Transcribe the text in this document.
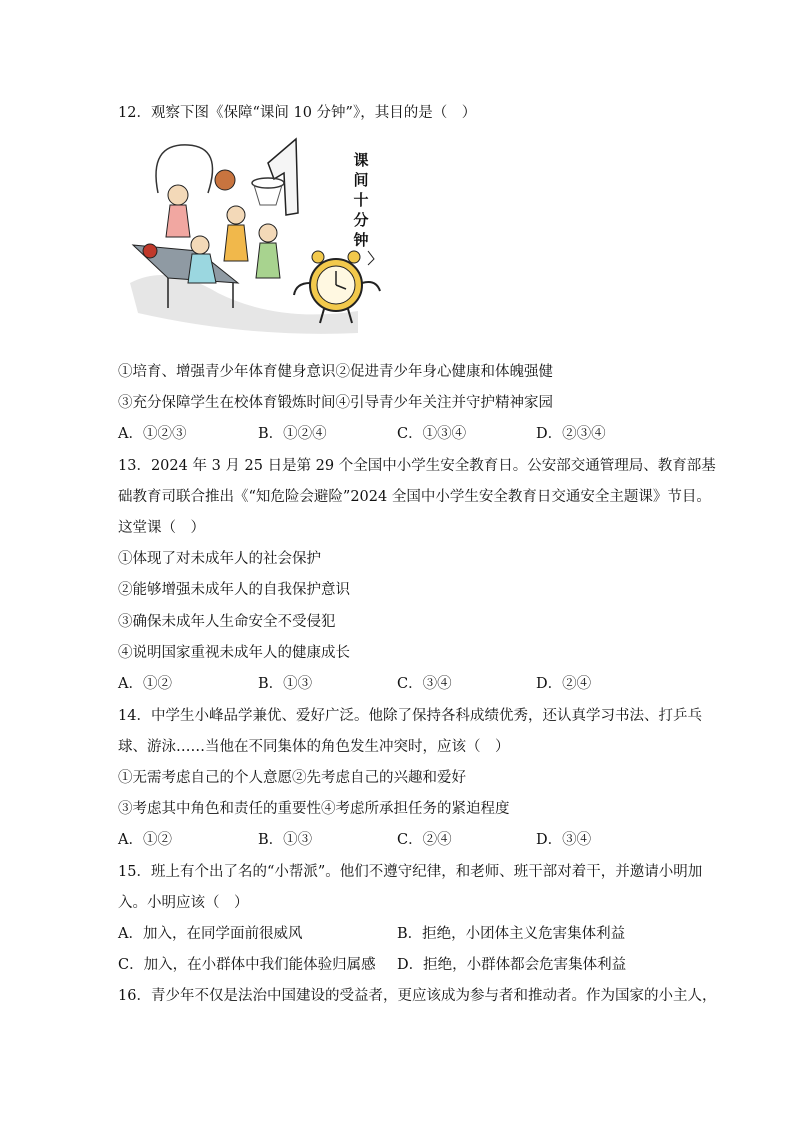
12．观察下图《保障“课间 10 分钟”》，其目的是（　）
课
间
十
分
钟
①培育、增强青少年体育健身意识②促进青少年身心健康和体魄强健
③充分保障学生在校体育锻炼时间④引导青少年关注并守护精神家园
A．①②③	B．①②④	C．①③④	D．②③④
13．2024 年 3 月 25 日是第 29 个全国中小学生安全教育日。公安部交通管理局、教育部基
础教育司联合推出《“知危险会避险”2024 全国中小学生安全教育日交通安全主题课》节目。
这堂课（　）
①体现了对未成年人的社会保护
②能够增强未成年人的自我保护意识
③确保未成年人生命安全不受侵犯
④说明国家重视未成年人的健康成长
A．①②	B．①③	C．③④	D．②④
14．中学生小峰品学兼优、爱好广泛。他除了保持各科成绩优秀，还认真学习书法、打乒乓
球、游泳……当他在不同集体的角色发生冲突时，应该（　）
①无需考虑自己的个人意愿②先考虑自己的兴趣和爱好
③考虑其中角色和责任的重要性④考虑所承担任务的紧迫程度
A．①②	B．①③	C．②④	D．③④
15．班上有个出了名的“小帮派”。他们不遵守纪律，和老师、班干部对着干，并邀请小明加
入。小明应该（　）
A．加入，在同学面前很威风	B．拒绝，小团体主义危害集体利益
C．加入，在小群体中我们能体验归属感 D．拒绝，小群体都会危害集体利益
16．青少年不仅是法治中国建设的受益者，更应该成为参与者和推动者。作为国家的小主人，
